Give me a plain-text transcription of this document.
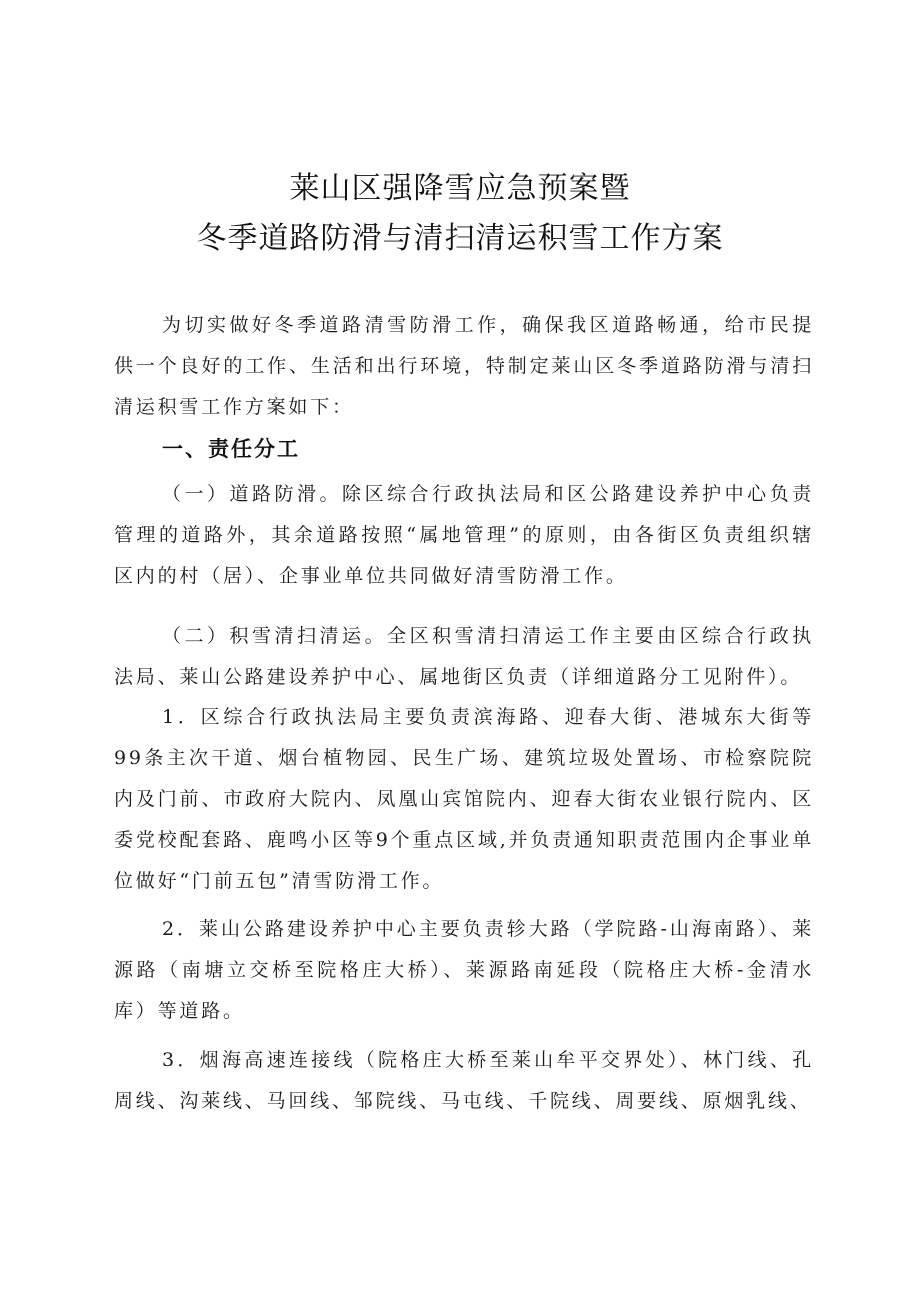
莱山区强降雪应急预案暨
冬季道路防滑与清扫清运积雪工作方案

为切实做好冬季道路清雪防滑工作，确保我区道路畅通，给市民提供一个良好的工作、生活和出行环境，特制定莱山区冬季道路防滑与清扫清运积雪工作方案如下：

一、责任分工

（一）道路防滑。除区综合行政执法局和区公路建设养护中心负责管理的道路外，其余道路按照“属地管理”的原则，由各街区负责组织辖区内的村（居）、企事业单位共同做好清雪防滑工作。

（二）积雪清扫清运。全区积雪清扫清运工作主要由区综合行政执法局、莱山公路建设养护中心、属地街区负责（详细道路分工见附件）。

1．区综合行政执法局主要负责滨海路、迎春大街、港城东大街等99条主次干道、烟台植物园、民生广场、建筑垃圾处置场、市检察院院内及门前、市政府大院内、凤凰山宾馆院内、迎春大街农业银行院内、区委党校配套路、鹿鸣小区等9个重点区域,并负责通知职责范围内企事业单位做好“门前五包”清雪防滑工作。

2．莱山公路建设养护中心主要负责轸大路（学院路-山海南路）、莱源路（南塘立交桥至院格庄大桥）、莱源路南延段（院格庄大桥-金清水库）等道路。

3．烟海高速连接线（院格庄大桥至莱山牟平交界处）、林门线、孔周线、沟莱线、马回线、邹院线、马屯线、千院线、周要线、原烟乳线、
